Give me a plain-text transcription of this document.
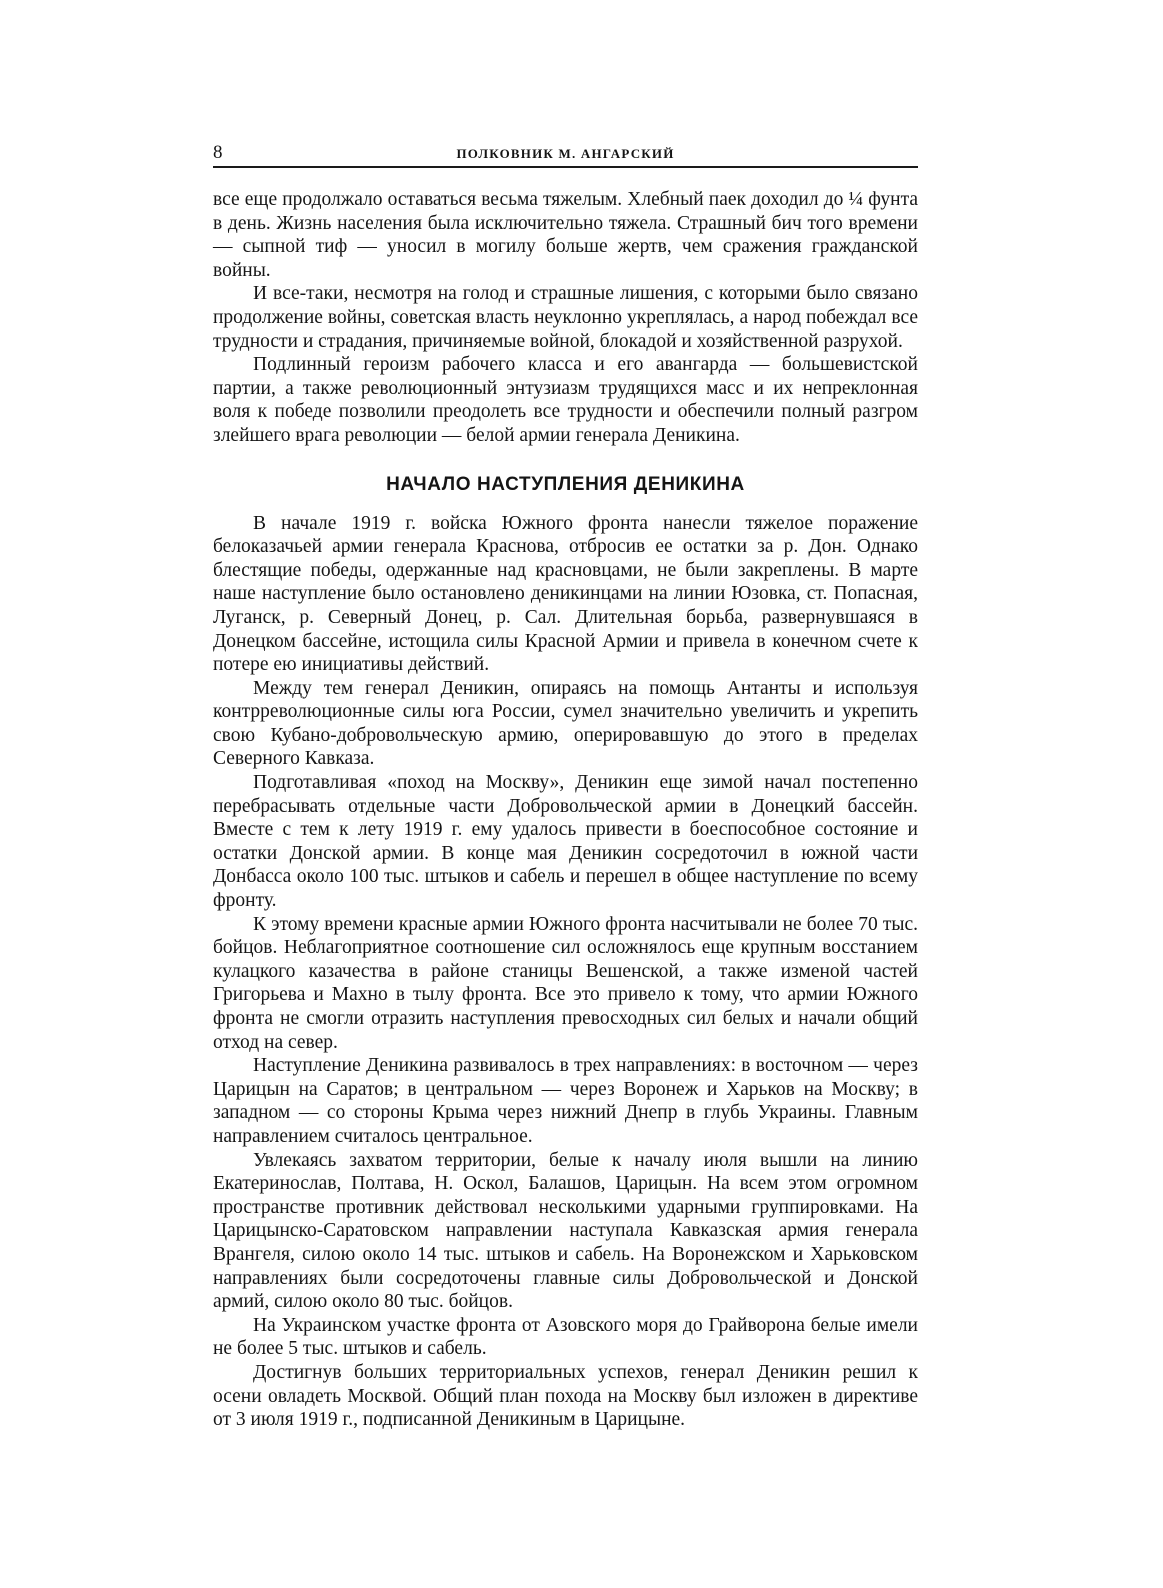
8	ПОЛКОВНИК М. АНГАРСКИЙ

все еще продолжало оставаться весьма тяжелым. Хлебный паек доходил до ¼ фунта в день. Жизнь населения была исключительно тяжела. Страшный бич того времени — сыпной тиф — уносил в могилу больше жертв, чем сражения гражданской войны.

И все-таки, несмотря на голод и страшные лишения, с которыми было связано продолжение войны, советская власть неуклонно укреплялась, а народ побеждал все трудности и страдания, причиняемые войной, блокадой и хозяйственной разрухой.

Подлинный героизм рабочего класса и его авангарда — большевистской партии, а также революционный энтузиазм трудящихся масс и их непреклонная воля к победе позволили преодолеть все трудности и обеспечили полный разгром злейшего врага революции — белой армии генерала Деникина.

НАЧАЛО НАСТУПЛЕНИЯ ДЕНИКИНА

В начале 1919 г. войска Южного фронта нанесли тяжелое поражение белоказачьей армии генерала Краснова, отбросив ее остатки за р. Дон. Однако блестящие победы, одержанные над красновцами, не были закреплены. В марте наше наступление было остановлено деникинцами на линии Юзовка, ст. Попасная, Луганск, р. Северный Донец, р. Сал. Длительная борьба, развернувшаяся в Донецком бассейне, истощила силы Красной Армии и привела в конечном счете к потере ею инициативы действий.

Между тем генерал Деникин, опираясь на помощь Антанты и используя контрреволюционные силы юга России, сумел значительно увеличить и укрепить свою Кубано-добровольческую армию, оперировавшую до этого в пределах Северного Кавказа.

Подготавливая «поход на Москву», Деникин еще зимой начал постепенно перебрасывать отдельные части Добровольческой армии в Донецкий бассейн. Вместе с тем к лету 1919 г. ему удалось привести в боеспособное состояние и остатки Донской армии. В конце мая Деникин сосредоточил в южной части Донбасса около 100 тыс. штыков и сабель и перешел в общее наступление по всему фронту.

К этому времени красные армии Южного фронта насчитывали не более 70 тыс. бойцов. Неблагоприятное соотношение сил осложнялось еще крупным восстанием кулацкого казачества в районе станицы Вешенской, а также изменой частей Григорьева и Махно в тылу фронта. Все это привело к тому, что армии Южного фронта не смогли отразить наступления превосходных сил белых и начали общий отход на север.

Наступление Деникина развивалось в трех направлениях: в восточном — через Царицын на Саратов; в центральном — через Воронеж и Харьков на Москву; в западном — со стороны Крыма через нижний Днепр в глубь Украины. Главным направлением считалось центральное.

Увлекаясь захватом территории, белые к началу июля вышли на линию Екатеринослав, Полтава, Н. Оскол, Балашов, Царицын. На всем этом огромном пространстве противник действовал несколькими ударными группировками. На Царицынско-Саратовском направлении наступала Кавказская армия генерала Врангеля, силою около 14 тыс. штыков и сабель. На Воронежском и Харьковском направлениях были сосредоточены главные силы Добровольческой и Донской армий, силою около 80 тыс. бойцов.

На Украинском участке фронта от Азовского моря до Грайворона белые имели не более 5 тыс. штыков и сабель.

Достигнув больших территориальных успехов, генерал Деникин решил к осени овладеть Москвой. Общий план похода на Москву был изложен в директиве от 3 июля 1919 г., подписанной Деникиным в Царицыне.
